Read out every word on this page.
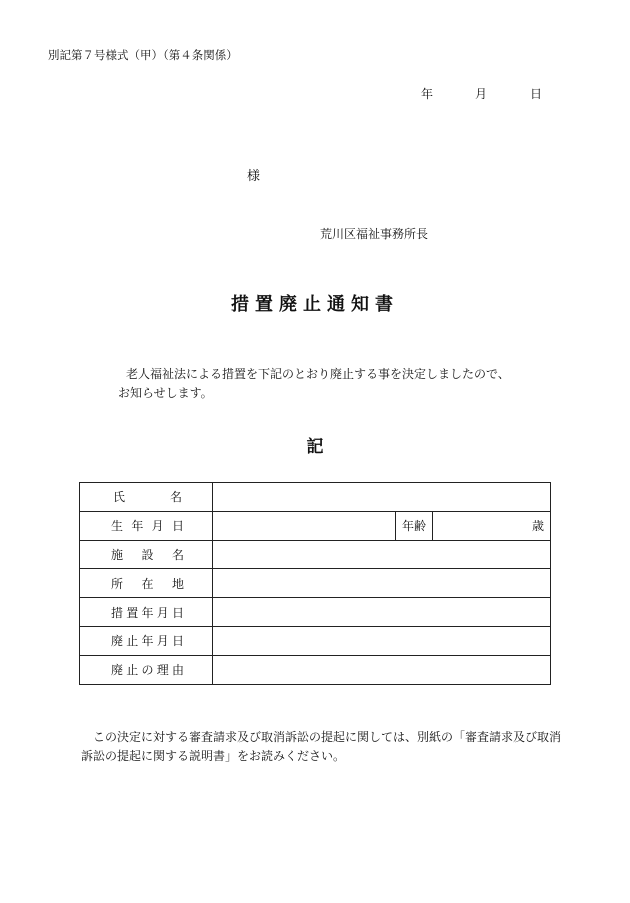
別記第７号様式（甲）（第４条関係）
年	月	日
様
荒川区福祉事務所長
措置廃止通知書
老人福祉法による措置を下記のとおり廃止する事を決定しましたので、
お知らせします。
記
氏 名			

生 年 月 日		年齢	歳

施 設 名			

所 在 地			

措 置 年 月 日			

廃 止 年 月 日			

廃 止 の 理 由			

この決定に対する審査請求及び取消訴訟の提起に関しては、別紙の「審査請求及び取消
訴訟の提起に関する説明書」をお読みください。
